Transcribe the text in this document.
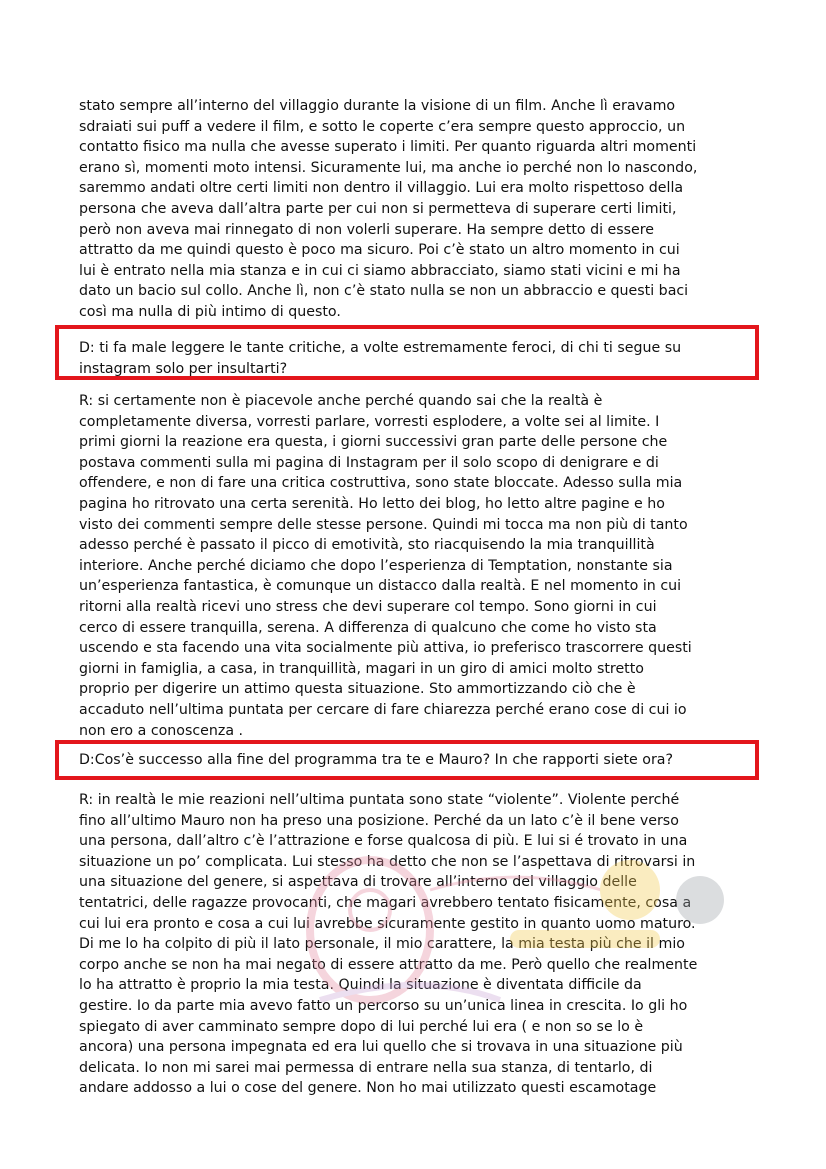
stato sempre all’interno del villaggio durante la visione di un film. Anche lì eravamo
sdraiati sui puff a vedere il film, e sotto le coperte c’era sempre questo approccio, un
contatto fisico ma nulla che avesse superato i limiti. Per quanto riguarda altri momenti
erano sì, momenti moto intensi. Sicuramente lui, ma anche io perché non lo nascondo,
saremmo andati oltre certi limiti non dentro il villaggio. Lui era molto rispettoso della
persona che aveva dall’altra parte per cui non si permetteva di superare certi limiti,
però non aveva mai rinnegato di non volerli superare. Ha sempre detto di essere
attratto da me quindi questo è poco ma sicuro. Poi c’è stato un altro momento in cui
lui è entrato nella mia stanza e in cui ci siamo abbracciato, siamo stati vicini e mi ha
dato un bacio sul collo. Anche lì, non c’è stato nulla se non un abbraccio e questi baci
così ma nulla di più intimo di questo.

D: ti fa male leggere le tante critiche, a volte estremamente feroci, di chi ti segue su
instagram solo per insultarti?

R: si certamente non è piacevole anche perché quando sai che la realtà è
completamente diversa, vorresti parlare, vorresti esplodere, a volte sei al limite. I
primi giorni la reazione era questa, i giorni successivi gran parte delle persone che
postava commenti sulla mi pagina di Instagram per il solo scopo di denigrare e di
offendere, e non di fare una critica costruttiva, sono state bloccate. Adesso sulla mia
pagina ho ritrovato una certa serenità. Ho letto dei blog, ho letto altre pagine e ho
visto dei commenti sempre delle stesse persone. Quindi mi tocca ma non più di tanto
adesso perché è passato il picco di emotività, sto riacquisendo la mia tranquillità
interiore. Anche perché diciamo che dopo l’esperienza di Temptation, nonstante sia
un’esperienza fantastica, è comunque un distacco dalla realtà. E nel momento in cui
ritorni alla realtà ricevi uno stress che devi superare col tempo. Sono giorni in cui
cerco di essere tranquilla, serena. A differenza di qualcuno che come ho visto sta
uscendo e sta facendo una vita socialmente più attiva, io preferisco trascorrere questi
giorni in famiglia, a casa, in tranquillità, magari in un giro di amici molto stretto
proprio per digerire un attimo questa situazione. Sto ammortizzando ciò che è
accaduto nell’ultima puntata per cercare di fare chiarezza perché erano cose di cui io
non ero a conoscenza .

D:Cos’è successo alla fine del programma tra te e Mauro? In che rapporti siete ora?

R: in realtà le mie reazioni nell’ultima puntata sono state “violente”. Violente perché
fino all’ultimo Mauro non ha preso una posizione. Perché da un lato c’è il bene verso
una persona, dall’altro c’è l’attrazione e forse qualcosa di più. E lui si é trovato in una
situazione un po’ complicata. Lui stesso ha detto che non se l’aspettava di ritrovarsi in
una situazione del genere, si aspettava di trovare all’interno del villaggio delle
tentatrici, delle ragazze provocanti, che magari avrebbero tentato fisicamente, cosa a
cui lui era pronto e cosa a cui lui avrebbe sicuramente gestito in quanto uomo maturo.
Di me lo ha colpito di più il lato personale, il mio carattere, la mia testa più che il mio
corpo anche se non ha mai negato di essere attratto da me. Però quello che realmente
lo ha attratto è proprio la mia testa. Quindi la situazione è diventata difficile da
gestire. Io da parte mia avevo fatto un percorso su un’unica linea in crescita. Io gli ho
spiegato di aver camminato sempre dopo di lui perché lui era ( e non so se lo è
ancora) una persona impegnata ed era lui quello che si trovava in una situazione più
delicata. Io non mi sarei mai permessa di entrare nella sua stanza, di tentarlo, di
andare addosso a lui o cose del genere. Non ho mai utilizzato questi escamotage
